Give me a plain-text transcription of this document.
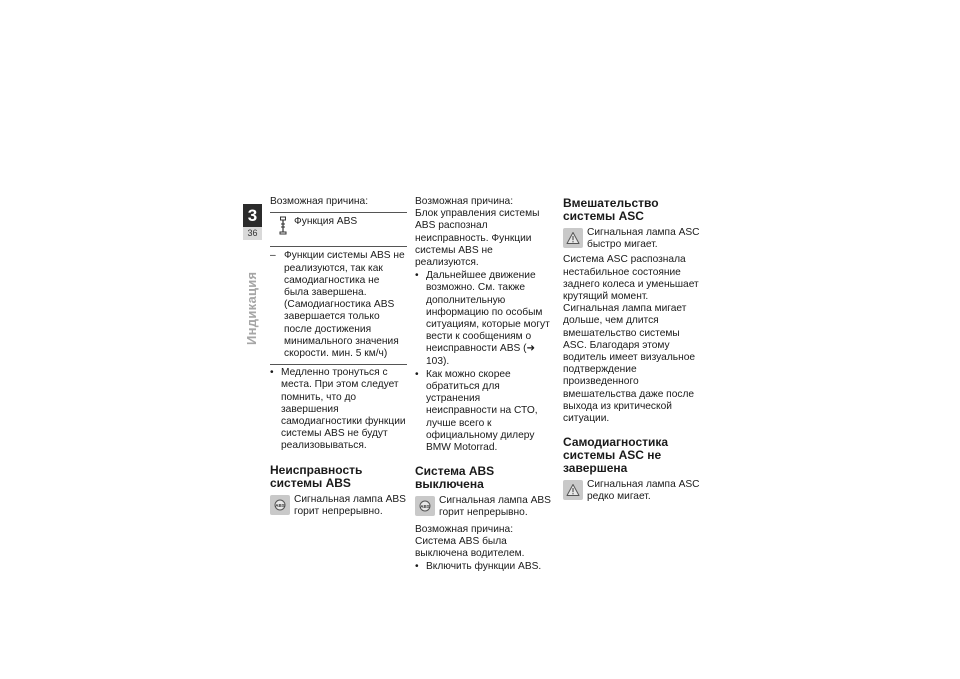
3
36
Индикация

Возможная причина:

Функция ABS
–
Функции системы ABS не реализуются, так как самодиагностика не была завершена. (Самодиагностика ABS завершается только после достижения минимального значения скорости. мин. 5 км/ч)

• Медленно тронуться с места. При этом следует помнить, что до завершения самодиагностики функции системы ABS не будут реализовываться.

Неисправность системы ABS
ABS
Сигнальная лампа ABS горит непрерывно.

Возможная причина:

Блок управления системы ABS распознал неисправность. Функции системы ABS не реализуются.

• Дальнейшее движение возможно. См. также дополнительную информацию по особым ситуациям, которые могут вести к сообщениям о неисправности ABS (➜ 103).

• Как можно скорее обратиться для устранения неисправности на СТО, лучше всего к официальному дилеру BMW Motorrad.

Система ABS выключена
ABS
Сигнальная лампа ABS горит непрерывно.

Возможная причина:

Система ABS была выключена водителем.

• Включить функции ABS.

Вмешательство системы ASC
Сигнальная лампа ASC быстро мигает.

Система ASC распознала нестабильное состояние заднего колеса и уменьшает крутящий момент. Сигнальная лампа мигает дольше, чем длится вмешательство системы ASC. Благодаря этому водитель имеет визуальное подтверждение произведенного вмешательства даже после выхода из критической ситуации.

Самодиагностика системы ASC не завершена
Сигнальная лампа ASC редко мигает.
